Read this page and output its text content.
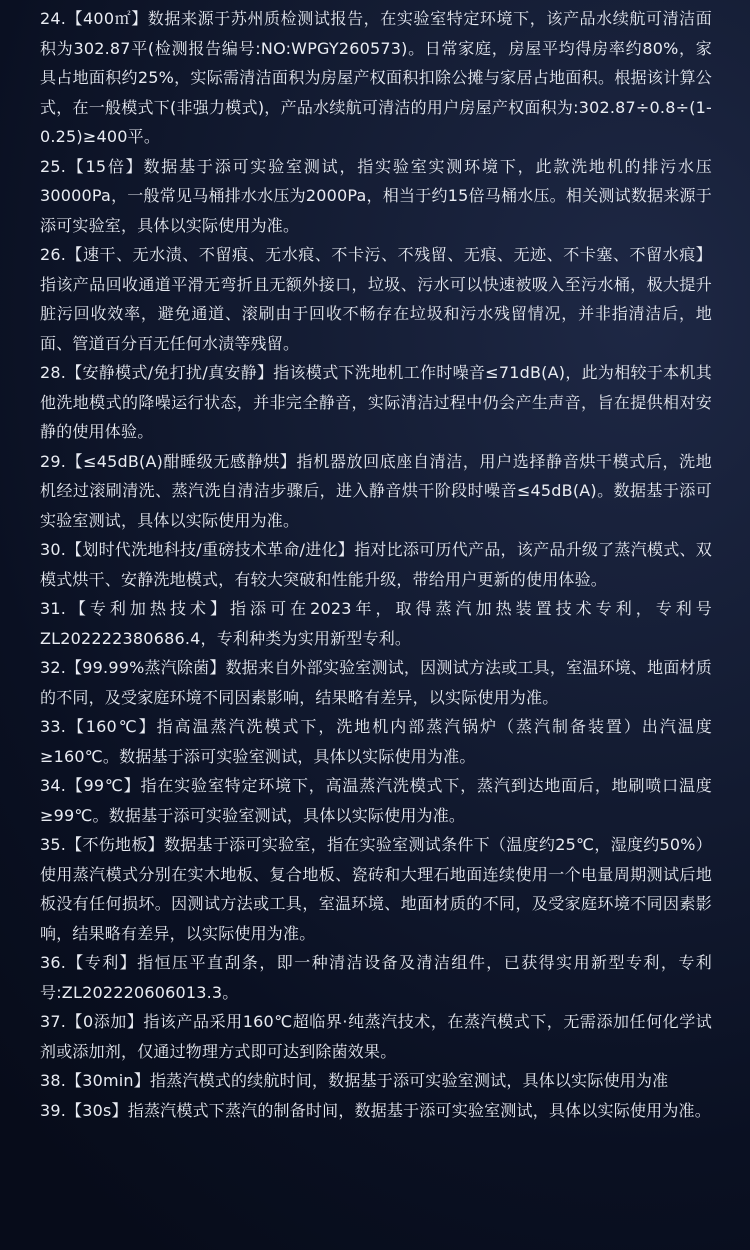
24.【400㎡】数据来源于苏州质检测试报告，在实验室特定环境下，该产品水续航可清洁面积为302.87平(检测报告编号:NO:WPGY260573)。日常家庭，房屋平均得房率约80%，家具占地面积约25%，实际需清洁面积为房屋产权面积扣除公摊与家居占地面积。根据该计算公式，在一般模式下(非强力模式)，产品水续航可清洁的用户房屋产权面积为:302.87÷0.8÷(1-0.25)≥400平。

25.【15倍】数据基于添可实验室测试，指实验室实测环境下，此款洗地机的排污水压30000Pa，一般常见马桶排水水压为2000Pa，相当于约15倍马桶水压。相关测试数据来源于添可实验室，具体以实际使用为准。

26.【速干、无水渍、不留痕、无水痕、不卡污、不残留、无痕、无迹、不卡塞、不留水痕】指该产品回收通道平滑无弯折且无额外接口，垃圾、污水可以快速被吸入至污水桶，极大提升脏污回收效率，避免通道、滚刷由于回收不畅存在垃圾和污水残留情况，并非指清洁后，地面、管道百分百无任何水渍等残留。

28.【安静模式/免打扰/真安静】指该模式下洗地机工作时噪音≤71dB(A)，此为相较于本机其他洗地模式的降噪运行状态，并非完全静音，实际清洁过程中仍会产生声音，旨在提供相对安静的使用体验。

29.【≤45dB(A)酣睡级无感静烘】指机器放回底座自清洁，用户选择静音烘干模式后，洗地机经过滚刷清洗、蒸汽洗自清洁步骤后，进入静音烘干阶段时噪音≤45dB(A)。数据基于添可实验室测试，具体以实际使用为准。

30.【划时代洗地科技/重磅技术革命/进化】指对比添可历代产品，该产品升级了蒸汽模式、双模式烘干、安静洗地模式，有较大突破和性能升级，带给用户更新的使用体验。

31.【专利加热技术】指添可在2023年，取得蒸汽加热装置技术专利，专利号ZL202222380686.4，专利种类为实用新型专利。

32.【99.99%蒸汽除菌】数据来自外部实验室测试，因测试方法或工具，室温环境、地面材质的不同，及受家庭环境不同因素影响，结果略有差异，以实际使用为准。

33.【160℃】指高温蒸汽洗模式下，洗地机内部蒸汽锅炉（蒸汽制备装置）出汽温度≥160℃。数据基于添可实验室测试，具体以实际使用为准。

34.【99℃】指在实验室特定环境下，高温蒸汽洗模式下，蒸汽到达地面后，地刷喷口温度≥99℃。数据基于添可实验室测试，具体以实际使用为准。

35.【不伤地板】数据基于添可实验室，指在实验室测试条件下（温度约25℃，湿度约50%）使用蒸汽模式分别在实木地板、复合地板、瓷砖和大理石地面连续使用一个电量周期测试后地板没有任何损坏。因测试方法或工具，室温环境、地面材质的不同，及受家庭环境不同因素影响，结果略有差异，以实际使用为准。

36.【专利】指恒压平直刮条，即一种清洁设备及清洁组件，已获得实用新型专利，专利号:ZL202220606013.3。

37.【0添加】指该产品采用160℃超临界·纯蒸汽技术，在蒸汽模式下，无需添加任何化学试剂或添加剂，仅通过物理方式即可达到除菌效果。

38.【30min】指蒸汽模式的续航时间，数据基于添可实验室测试，具体以实际使用为准

39.【30s】指蒸汽模式下蒸汽的制备时间，数据基于添可实验室测试，具体以实际使用为准。
